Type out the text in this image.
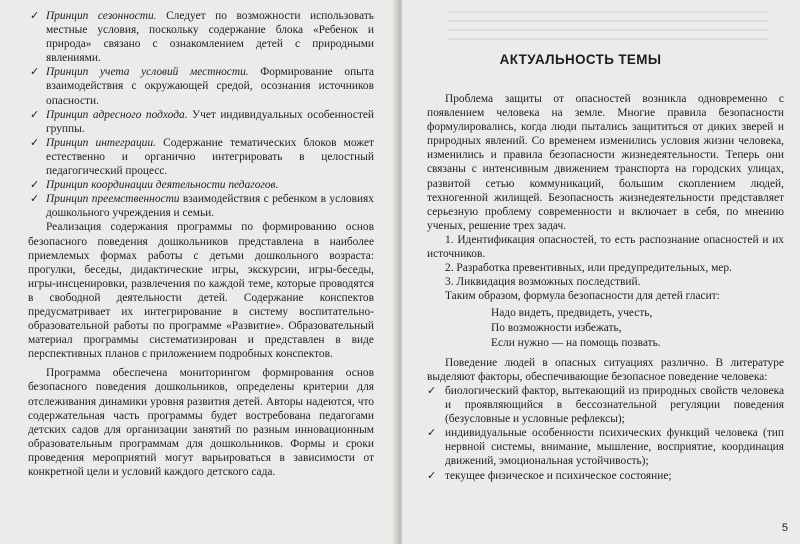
✓ Принцип сезонности. Следует по возможности использовать местные условия, поскольку содержание блока «Ребенок и природа» связано с ознакомлением детей с природными явлениями.

✓ Принцип учета условий местности. Формирование опыта взаимодействия с окружающей средой, осознания источников опасности.

✓ Принцип адресного подхода. Учет индивидуальных особенностей группы.

✓ Принцип интеграции. Содержание тематических блоков может естественно и органично интегрировать в целостный педагогический процесс.

✓ Принцип координации деятельности педагогов.

✓ Принцип преемственности взаимодействия с ребенком в условиях дошкольного учреждения и семьи.

Реализация содержания программы по формированию основ безопасного поведения дошкольников представлена в наиболее приемлемых формах работы с детьми дошкольного возраста: прогулки, беседы, дидактические игры, экскурсии, игры-беседы, игры-инсценировки, развлечения по каждой теме, которые проводятся в свободной деятельности детей. Содержание конспектов предусматривает их интегрирование в систему воспитательно-образовательной работы по программе «Развитие». Образовательный материал программы систематизирован и представлен в виде перспективных планов с приложением подробных конспектов.

Программа обеспечена мониторингом формирования основ безопасного поведения дошкольников, определены критерии для отслеживания динамики уровня развития детей. Авторы надеются, что содержательная часть программы будет востребована педагогами детских садов для организации занятий по разным инновационным образовательным программам для дошкольников. Формы и сроки проведения мероприятий могут варьироваться в зависимости от конкретной цели и условий каждого детского сада.

АКТУАЛЬНОСТЬ ТЕМЫ

Проблема защиты от опасностей возникла одновременно с появлением человека на земле. Многие правила безопасности формулировались, когда люди пытались защититься от диких зверей и природных явлений. Со временем изменились условия жизни человека, изменились и правила безопасности жизнедеятельности. Теперь они связаны с интенсивным движением транспорта на городских улицах, развитой сетью коммуникаций, большим скоплением людей, техногенной жилищей. Безопасность жизнедеятельности представляет серьезную проблему современности и включает в себя, по мнению ученых, решение трех задач.

1. Идентификация опасностей, то есть распознание опасностей и их источников.

2. Разработка превентивных, или предупредительных, мер.

3. Ликвидация возможных последствий.

Таким образом, формула безопасности для детей гласит:

Надо видеть, предвидеть, учесть,
По возможности избежать,
Если нужно — на помощь позвать.

Поведение людей в опасных ситуациях различно. В литературе выделяют факторы, обеспечивающие безопасное поведение человека:

✓ биологический фактор, вытекающий из природных свойств человека и проявляющийся в бессознательной регуляции поведения (безусловные и условные рефлексы);

✓ индивидуальные особенности психических функций человека (тип нервной системы, внимание, мышление, восприятие, координация движений, эмоциональная устойчивость);

✓ текущее физическое и психическое состояние;

5
